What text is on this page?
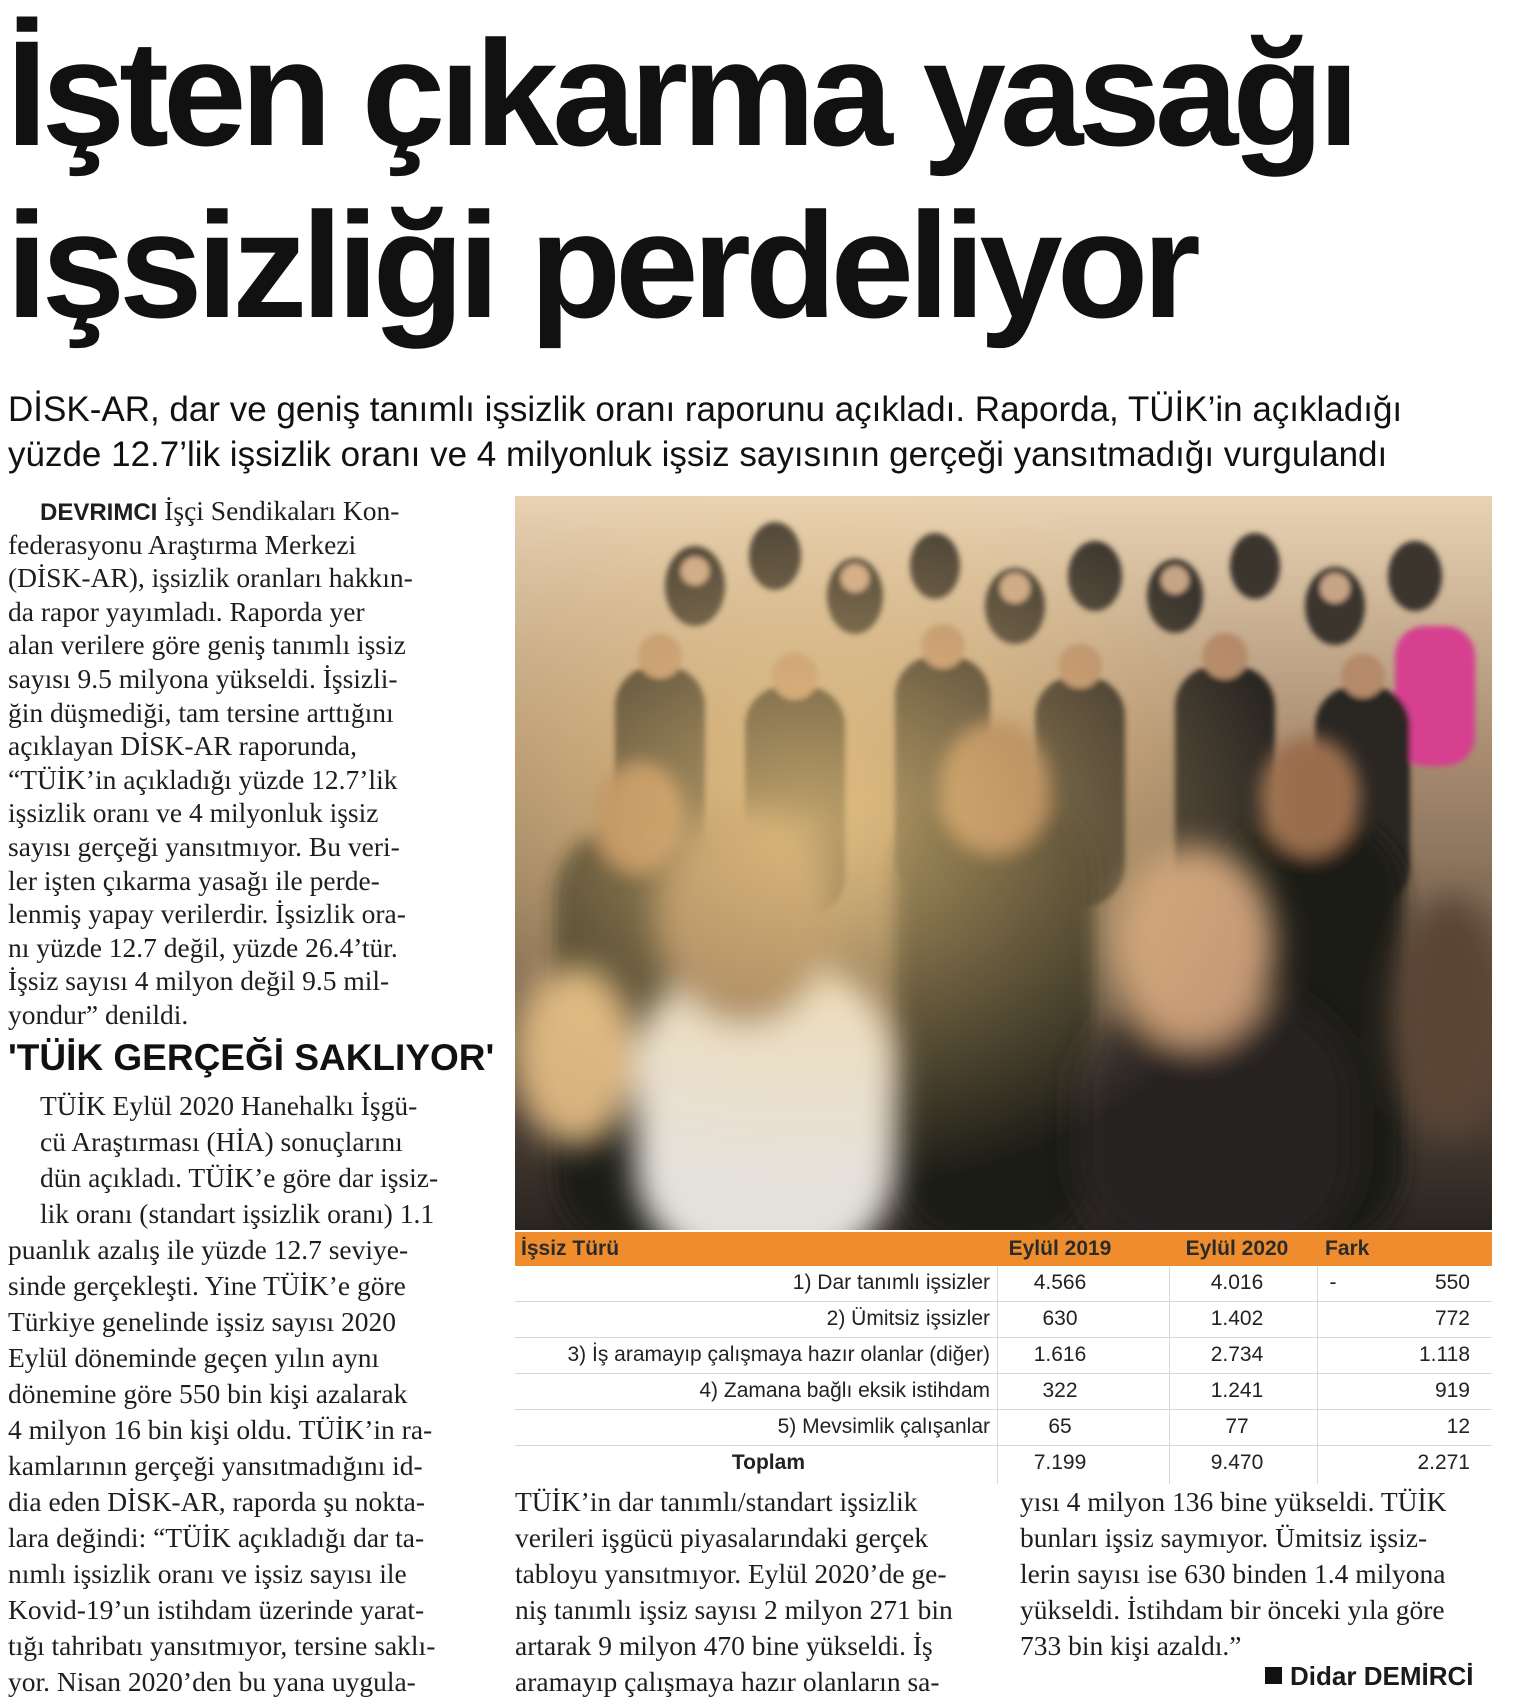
İşten çıkarma yasağı
işsizliği perdeliyor

DİSK-AR, dar ve geniş tanımlı işsizlik oranı raporunu açıkladı. Raporda, TÜİK’in açıkladığı

yüzde 12.7’lik işsizlik oranı ve 4 milyonluk işsiz sayısının gerçeği yansıtmadığı vurgulandı

DEVRIMCI İşçi Sendikaları Kon-
federasyonu Araştırma Merkezi
(DİSK-AR), işsizlik oranları hakkın-
da rapor yayımladı. Raporda yer
alan verilere göre geniş tanımlı işsiz
sayısı 9.5 milyona yükseldi. İşsizli-
ğin düşmediği, tam tersine arttığını
açıklayan DİSK-AR raporunda,
“TÜİK’in açıkladığı yüzde 12.7’lik
işsizlik oranı ve 4 milyonluk işsiz
sayısı gerçeği yansıtmıyor. Bu veri-
ler işten çıkarma yasağı ile perde-
lenmiş yapay verilerdir. İşsizlik ora-
nı yüzde 12.7 değil, yüzde 26.4’tür.
İşsiz sayısı 4 milyon değil 9.5 mil-
yondur” denildi.
'TÜİK GERÇEĞİ SAKLIYOR'
TÜİK Eylül 2020 Hanehalkı İşgü-
cü Araştırması (HİA) sonuçlarını
dün açıkladı. TÜİK’e göre dar işsiz-
lik oranı (standart işsizlik oranı) 1.1
puanlık azalış ile yüzde 12.7 seviye-
sinde gerçekleşti. Yine TÜİK’e göre
Türkiye genelinde işsiz sayısı 2020
Eylül döneminde geçen yılın aynı
dönemine göre 550 bin kişi azalarak
4 milyon 16 bin kişi oldu. TÜİK’in ra-
kamlarının gerçeği yansıtmadığını id-
dia eden DİSK-AR, raporda şu nokta-
lara değindi: “TÜİK açıkladığı dar ta-
nımlı işsizlik oranı ve işsiz sayısı ile
Kovid-19’un istihdam üzerinde yarat-
tığı tahribatı yansıtmıyor, tersine saklı-
yor. Nisan 2020’den bu yana uygula-
İşsiz Türü	Eylül 2019	Eylül 2020	Fark
1) Dar tanımlı işsizler	4.566	4.016	-	550
2) Ümitsiz işsizler	630	1.402	772
3) İş aramayıp çalışmaya hazır olanlar (diğer)	1.616	2.734	1.118
4) Zamana bağlı eksik istihdam	322	1.241	919
5) Mevsimlik çalışanlar	65	77	12
Toplam	7.199	9.470	2.271
TÜİK’in dar tanımlı/standart işsizlik
verileri işgücü piyasalarındaki gerçek
tabloyu yansıtmıyor. Eylül 2020’de ge-
niş tanımlı işsiz sayısı 2 milyon 271 bin
artarak 9 milyon 470 bine yükseldi. İş
aramayıp çalışmaya hazır olanların sa-
yısı 4 milyon 136 bine yükseldi. TÜİK
bunları işsiz saymıyor. Ümitsiz işsiz-
lerin sayısı ise 630 binden 1.4 milyona
yükseldi. İstihdam bir önceki yıla göre
733 bin kişi azaldı.”
Didar DEMİRCİ
